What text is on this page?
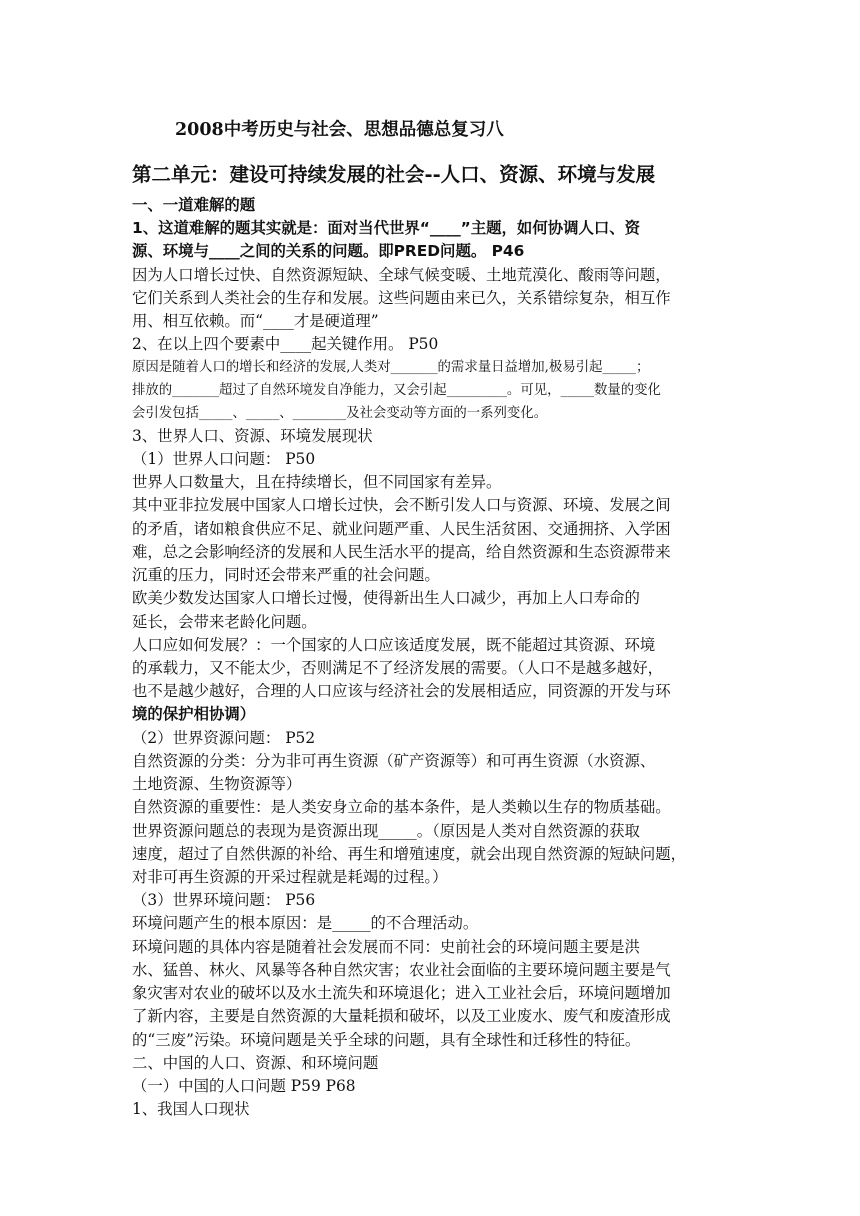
2008中考历史与社会、思想品德总复习八
第二单元：建设可持续发展的社会--人口、资源、环境与发展
一、一道难解的题
1、这道难解的题其实就是：面对当代世界“____”主题，如何协调人口、资
源、环境与____之间的关系的问题。即PRED问题。 P46
因为人口增长过快、自然资源短缺、全球气候变暖、土地荒漠化、酸雨等问题，
它们关系到人类社会的生存和发展。这些问题由来已久，关系错综复杂，相互作
用、相互依赖。而“____才是硬道理”
2、在以上四个要素中____起关键作用。 P50
原因是随着人口的增长和经济的发展,人类对_______的需求量日益增加,极易引起_____；
排放的_______超过了自然环境发自净能力，又会引起_________。可见，_____数量的变化
会引发包括_____、_____、________及社会变动等方面的一系列变化。
3、世界人口、资源、环境发展现状
（1）世界人口问题： P50
世界人口数量大，且在持续增长，但不同国家有差异。
其中亚非拉发展中国家人口增长过快，会不断引发人口与资源、环境、发展之间
的矛盾，诸如粮食供应不足、就业问题严重、人民生活贫困、交通拥挤、入学困
难，总之会影响经济的发展和人民生活水平的提高，给自然资源和生态资源带来
沉重的压力，同时还会带来严重的社会问题。
欧美少数发达国家人口增长过慢，使得新出生人口减少，再加上人口寿命的
延长，会带来老龄化问题。
人口应如何发展？：一个国家的人口应该适度发展，既不能超过其资源、环境
的承载力，又不能太少，否则满足不了经济发展的需要。（人口不是越多越好，
也不是越少越好，合理的人口应该与经济社会的发展相适应，同资源的开发与环
境的保护相协调）
（2）世界资源问题： P52
自然资源的分类：分为非可再生资源（矿产资源等）和可再生资源（水资源、
土地资源、生物资源等）
自然资源的重要性：是人类安身立命的基本条件，是人类赖以生存的物质基础。
世界资源问题总的表现为是资源出现_____。（原因是人类对自然资源的获取
速度，超过了自然供源的补给、再生和增殖速度，就会出现自然资源的短缺问题，
对非可再生资源的开采过程就是耗竭的过程。）
（3）世界环境问题： P56
环境问题产生的根本原因：是_____的不合理活动。
环境问题的具体内容是随着社会发展而不同：史前社会的环境问题主要是洪
水、猛兽、林火、风暴等各种自然灾害；农业社会面临的主要环境问题主要是气
象灾害对农业的破坏以及水土流失和环境退化；进入工业社会后，环境问题增加
了新内容，主要是自然资源的大量耗损和破坏，以及工业废水、废气和废渣形成
的“三废”污染。环境问题是关乎全球的问题，具有全球性和迁移性的特征。
二、中国的人口、资源、和环境问题
（一）中国的人口问题 P59 P68
1、我国人口现状
